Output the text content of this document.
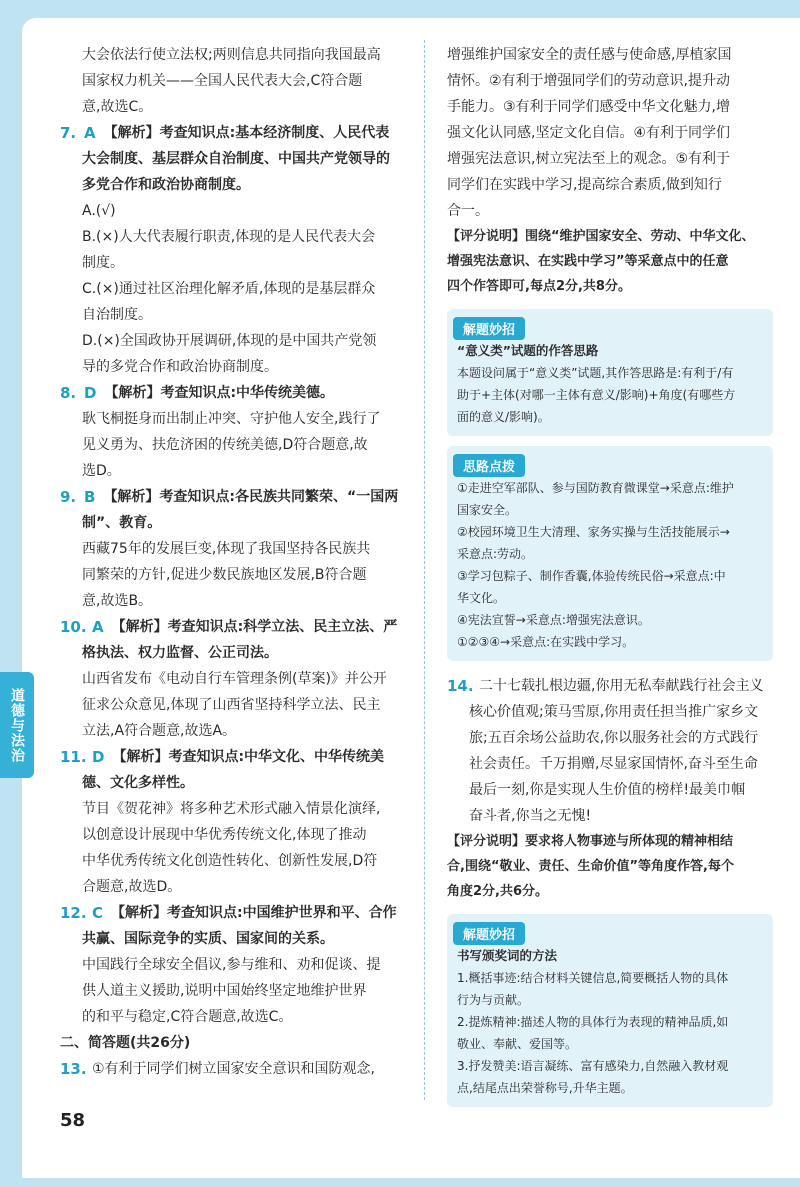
道德与法治

大会依法行使立法权;两则信息共同指向我国最高

国家权力机关——全国人民代表大会,C符合题

意,故选C。

7. A 【解析】考查知识点:基本经济制度、人民代表

大会制度、基层群众自治制度、中国共产党领导的

多党合作和政治协商制度。

A.(√)

B.(×)人大代表履行职责,体现的是人民代表大会

制度。

C.(×)通过社区治理化解矛盾,体现的是基层群众

自治制度。

D.(×)全国政协开展调研,体现的是中国共产党领

导的多党合作和政治协商制度。

8. D 【解析】考查知识点:中华传统美德。

耿飞桐挺身而出制止冲突、守护他人安全,践行了

见义勇为、扶危济困的传统美德,D符合题意,故

选D。

9. B 【解析】考查知识点:各民族共同繁荣、“一国两

制”、教育。

西藏75年的发展巨变,体现了我国坚持各民族共

同繁荣的方针,促进少数民族地区发展,B符合题

意,故选B。

10. A 【解析】考查知识点:科学立法、民主立法、严

格执法、权力监督、公正司法。

山西省发布《电动自行车管理条例(草案)》并公开

征求公众意见,体现了山西省坚持科学立法、民主

立法,A符合题意,故选A。

11. D 【解析】考查知识点:中华文化、中华传统美

德、文化多样性。

节目《贺花神》将多种艺术形式融入情景化演绎,

以创意设计展现中华优秀传统文化,体现了推动

中华优秀传统文化创造性转化、创新性发展,D符

合题意,故选D。

12. C 【解析】考查知识点:中国维护世界和平、合作

共赢、国际竞争的实质、国家间的关系。

中国践行全球安全倡议,参与维和、劝和促谈、提

供人道主义援助,说明中国始终坚定地维护世界

的和平与稳定,C符合题意,故选C。

二、简答题(共26分)

13. ①有利于同学们树立国家安全意识和国防观念,

增强维护国家安全的责任感与使命感,厚植家国

情怀。②有利于增强同学们的劳动意识,提升动

手能力。③有利于同学们感受中华文化魅力,增

强文化认同感,坚定文化自信。④有利于同学们

增强宪法意识,树立宪法至上的观念。⑤有利于

同学们在实践中学习,提高综合素质,做到知行

合一。

【评分说明】围绕“维护国家安全、劳动、中华文化、

增强宪法意识、在实践中学习”等采意点中的任意

四个作答即可,每点2分,共8分。

解题妙招

“意义类”试题的作答思路

本题设问属于“意义类”试题,其作答思路是:有利于/有

助于+主体(对哪一主体有意义/影响)+角度(有哪些方

面的意义/影响)。

思路点拨

①走进空军部队、参与国防教育微课堂→采意点:维护

国家安全。

②校园环境卫生大清理、家务实操与生活技能展示→

采意点:劳动。

③学习包粽子、制作香囊,体验传统民俗→采意点:中

华文化。

④宪法宣誓→采意点:增强宪法意识。

①②③④→采意点:在实践中学习。

14. 二十七载扎根边疆,你用无私奉献践行社会主义

核心价值观;策马雪原,你用责任担当推广家乡文

旅;五百余场公益助农,你以服务社会的方式践行

社会责任。千万捐赠,尽显家国情怀,奋斗至生命

最后一刻,你是实现人生价值的榜样!最美巾帼

奋斗者,你当之无愧!

【评分说明】要求将人物事迹与所体现的精神相结

合,围绕“敬业、责任、生命价值”等角度作答,每个

角度2分,共6分。

解题妙招

书写颁奖词的方法

1.概括事迹:结合材料关键信息,简要概括人物的具体

行为与贡献。

2.提炼精神:描述人物的具体行为表现的精神品质,如

敬业、奉献、爱国等。

3.抒发赞美:语言凝练、富有感染力,自然融入教材观

点,结尾点出荣誉称号,升华主题。

58
